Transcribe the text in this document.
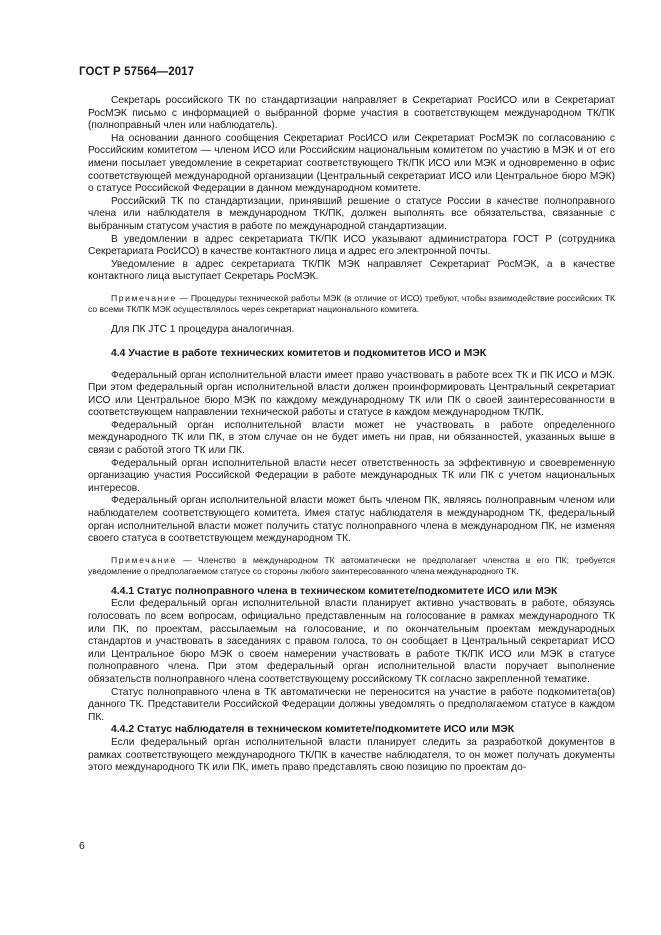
ГОСТ Р 57564—2017

Секретарь российского ТК по стандартизации направляет в Секретариат РосИСО или в Секретариат РосМЭК письмо с информацией о выбранной форме участия в соответствующем международном ТК/ПК (полноправный член или наблюдатель).

На основании данного сообщения Секретариат РосИСО или Секретариат РосМЭК по согласованию с Российским комитетом — членом ИСО или Российским национальным комитетом по участию в МЭК и от его имени посылает уведомление в секретариат соответствующего ТК/ПК ИСО или МЭК и одновременно в офис соответствующей международной организации (Центральный секретариат ИСО или Центральное бюро МЭК) о статусе Российской Федерации в данном международном комитете.

Российский ТК по стандартизации, принявший решение о статусе России в качестве полноправного члена или наблюдателя в международном ТК/ПК, должен выполнять все обязательства, связанные с выбранным статусом участия в работе по международной стандартизации.

В уведомлении в адрес секретариата ТК/ПК ИСО указывают администратора ГОСТ Р (сотрудника Секретариата РосИСО) в качестве контактного лица и адрес его электронной почты.

Уведомление в адрес секретариата ТК/ПК МЭК направляет Секретариат РосМЭК, а в качестве контактного лица выступает Секретарь РосМЭК.

Примечание — Процедуры технической работы МЭК (в отличие от ИСО) требуют, чтобы взаимодействие российских ТК со всеми ТК/ПК МЭК осуществлялось через секретариат национального комитета.

Для ПК JTC 1 процедура аналогичная.

4.4 Участие в работе технических комитетов и подкомитетов ИСО и МЭК

Федеральный орган исполнительной власти имеет право участвовать в работе всех ТК и ПК ИСО и МЭК. При этом федеральный орган исполнительной власти должен проинформировать Центральный секретариат ИСО или Центральное бюро МЭК по каждому международному ТК или ПК о своей заинтересованности в соответствующем направлении технической работы и статусе в каждом международном ТК/ПК.

Федеральный орган исполнительной власти может не участвовать в работе определенного международного ТК или ПК, в этом случае он не будет иметь ни прав, ни обязанностей, указанных выше в связи с работой этого ТК или ПК.

Федеральный орган исполнительной власти несет ответственность за эффективную и своевременную организацию участия Российской Федерации в работе международных ТК или ПК с учетом национальных интересов.

Федеральный орган исполнительной власти может быть членом ПК, являясь полноправным членом или наблюдателем соответствующего комитета. Имея статус наблюдателя в международном ТК, федеральный орган исполнительной власти может получить статус полноправного члена в международном ПК, не изменяя своего статуса в соответствующем международном ТК.

Примечание — Членство в международном ТК автоматически не предполагает членства в его ПК; требуется уведомление о предполагаемом статусе со стороны любого заинтересованного члена международного ТК.

4.4.1 Статус полноправного члена в техническом комитете/подкомитете ИСО или МЭК

Если федеральный орган исполнительной власти планирует активно участвовать в работе, обязуясь голосовать по всем вопросам, официально представленным на голосование в рамках международного ТК или ПК, по проектам, рассылаемым на голосование, и по окончательным проектам международных стандартов и участвовать в заседаниях с правом голоса, то он сообщает в Центральный секретариат ИСО или Центральное бюро МЭК о своем намерении участвовать в работе ТК/ПК ИСО или МЭК в статусе полноправного члена. При этом федеральный орган исполнительной власти поручает выполнение обязательств полноправного члена соответствующему российскому ТК согласно закрепленной тематике.

Статус полноправного члена в ТК автоматически не переносится на участие в работе подкомитета(ов) данного ТК. Представители Российской Федерации должны уведомлять о предполагаемом статусе в каждом ПК.

4.4.2 Статус наблюдателя в техническом комитете/подкомитете ИСО или МЭК

Если федеральный орган исполнительной власти планирует следить за разработкой документов в рамках соответствующего международного ТК/ПК в качестве наблюдателя, то он может получать документы этого международного ТК или ПК, иметь право представлять свою позицию по проектам до-

6
